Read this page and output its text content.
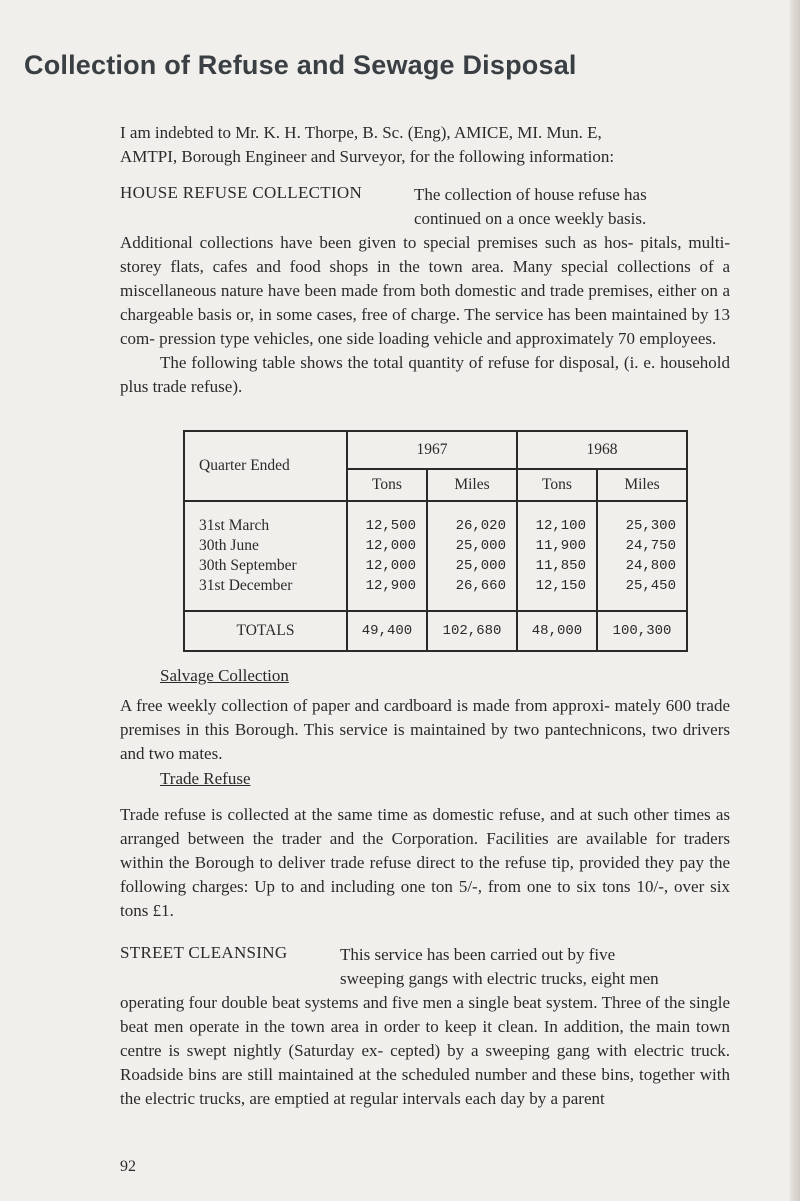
Collection of Refuse and Sewage Disposal

I am indebted to Mr. K. H. Thorpe, B. Sc. (Eng), AMICE, MI. Mun. E,

AMTPI, Borough Engineer and Surveyor, for the following information:

HOUSE REFUSE COLLECTION	The collection of house refuse has

continued on a once weekly basis.

Additional collections have been given to special premises such as hos- pitals, multi-storey flats, cafes and food shops in the town area. Many special collections of a miscellaneous nature have been made from both domestic and trade premises, either on a chargeable basis or, in some cases, free of charge. The service has been maintained by 13 com- pression type vehicles, one side loading vehicle and approximately 70 employees.

The following table shows the total quantity of refuse for disposal, (i. e. household plus trade refuse).

Quarter Ended	1967		1968	
	Tons	Miles	Tons	Miles
31st March	12,500	26,020	12,100	25,300
30th June	12,000	25,000	11,900	24,750
30th September	12,000	25,000	11,850	24,800
31st December	12,900	26,660	12,150	25,450
TOTALS	49,400	102,680	48,000	100,300

Salvage Collection

A free weekly collection of paper and cardboard is made from approxi- mately 600 trade premises in this Borough. This service is maintained by two pantechnicons, two drivers and two mates.

Trade Refuse

Trade refuse is collected at the same time as domestic refuse, and at such other times as arranged between the trader and the Corporation. Facilities are available for traders within the Borough to deliver trade refuse direct to the refuse tip, provided they pay the following charges: Up to and including one ton 5/-, from one to six tons 10/-, over six tons £1.

STREET CLEANSING	This service has been carried out by five

sweeping gangs with electric trucks, eight men

operating four double beat systems and five men a single beat system. Three of the single beat men operate in the town area in order to keep it clean. In addition, the main town centre is swept nightly (Saturday ex- cepted) by a sweeping gang with electric truck. Roadside bins are still maintained at the scheduled number and these bins, together with the electric trucks, are emptied at regular intervals each day by a parent

92
